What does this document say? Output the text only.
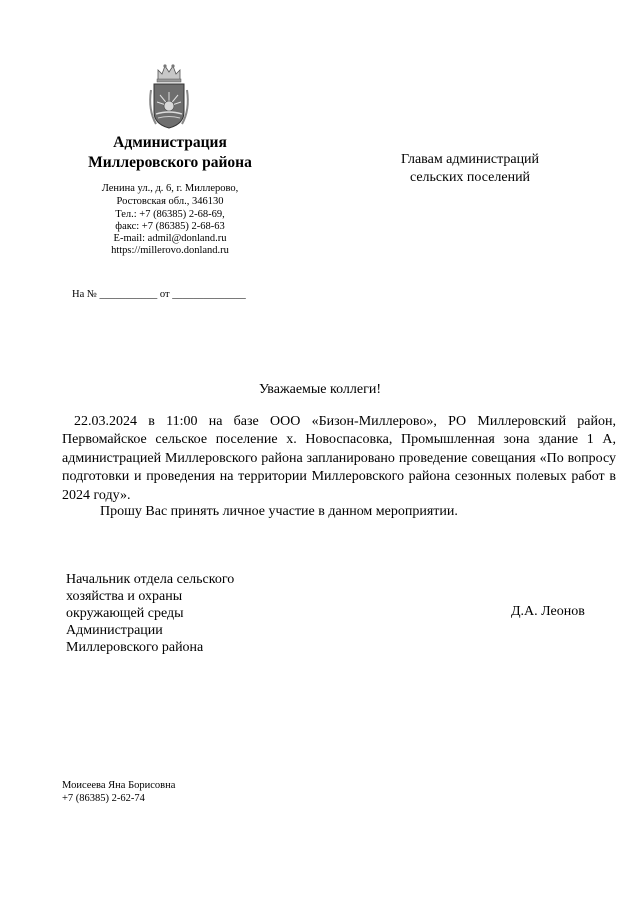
Администрация
Миллеровского района
Ленина ул., д. 6, г. Миллерово,
Ростовская обл., 346130
Тел.: +7 (86385) 2-68-69,
факс: +7 (86385) 2-68-63
E-mail: admil@donland.ru
https://millerovo.donland.ru
На № ___________ от ______________
Главам администраций
сельских поселений
Уважаемые коллеги!
22.03.2024 в 11:00 на базе ООО «Бизон-Миллерово», РО Миллеровский район, Первомайское сельское поселение х. Новоспасовка, Промышленная зона здание 1 А, администрацией Миллеровского района запланировано проведение совещания «По вопросу подготовки и проведения на территории Миллеровского района сезонных полевых работ в 2024 году».
Прошу Вас принять личное участие в данном мероприятии.
Начальник отдела сельского
хозяйства и охраны
окружающей среды
Администрации
Миллеровского района
Д.А. Леонов
Моисеева Яна Борисовна
+7 (86385) 2-62-74
